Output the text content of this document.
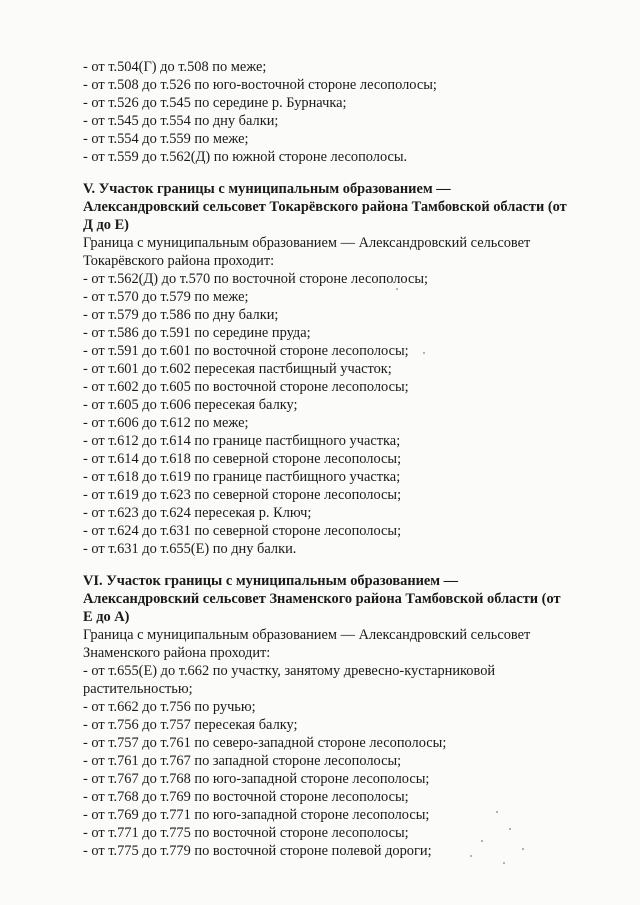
- от т.504(Г) до т.508 по меже;
- от т.508 до т.526 по юго-восточной стороне лесополосы;
- от т.526 до т.545 по середине р. Бурначка;
- от т.545 до т.554 по дну балки;
- от т.554 до т.559 по меже;
- от т.559 до т.562(Д) по южной стороне лесополосы.
V. Участок границы с муниципальным образованием —
Александровский сельсовет Токарёвского района Тамбовской области (от
Д до Е)
Граница с муниципальным образованием — Александровский сельсовет
Токарёвского района проходит:
- от т.562(Д) до т.570 по восточной стороне лесополосы;
- от т.570 до т.579 по меже;
- от т.579 до т.586 по дну балки;
- от т.586 до т.591 по середине пруда;
- от т.591 до т.601 по восточной стороне лесополосы;
- от т.601 до т.602 пересекая пастбищный участок;
- от т.602 до т.605 по восточной стороне лесополосы;
- от т.605 до т.606 пересекая балку;
- от т.606 до т.612 по меже;
- от т.612 до т.614 по границе пастбищного участка;
- от т.614 до т.618 по северной стороне лесополосы;
- от т.618 до т.619 по границе пастбищного участка;
- от т.619 до т.623 по северной стороне лесополосы;
- от т.623 до т.624 пересекая р. Ключ;
- от т.624 до т.631 по северной стороне лесополосы;
- от т.631 до т.655(Е) по дну балки.
VI. Участок границы с муниципальным образованием —
Александровский сельсовет Знаменского района Тамбовской области (от
Е до А)
Граница с муниципальным образованием — Александровский сельсовет
Знаменского района проходит:
- от т.655(Е) до т.662 по участку, занятому древесно-кустарниковой
растительностью;
- от т.662 до т.756 по ручью;
- от т.756 до т.757 пересекая балку;
- от т.757 до т.761 по северо-западной стороне лесополосы;
- от т.761 до т.767 по западной стороне лесополосы;
- от т.767 до т.768 по юго-западной стороне лесополосы;
- от т.768 до т.769 по восточной стороне лесополосы;
- от т.769 до т.771 по юго-западной стороне лесополосы;
- от т.771 до т.775 по восточной стороне лесополосы;
- от т.775 до т.779 по восточной стороне полевой дороги;
